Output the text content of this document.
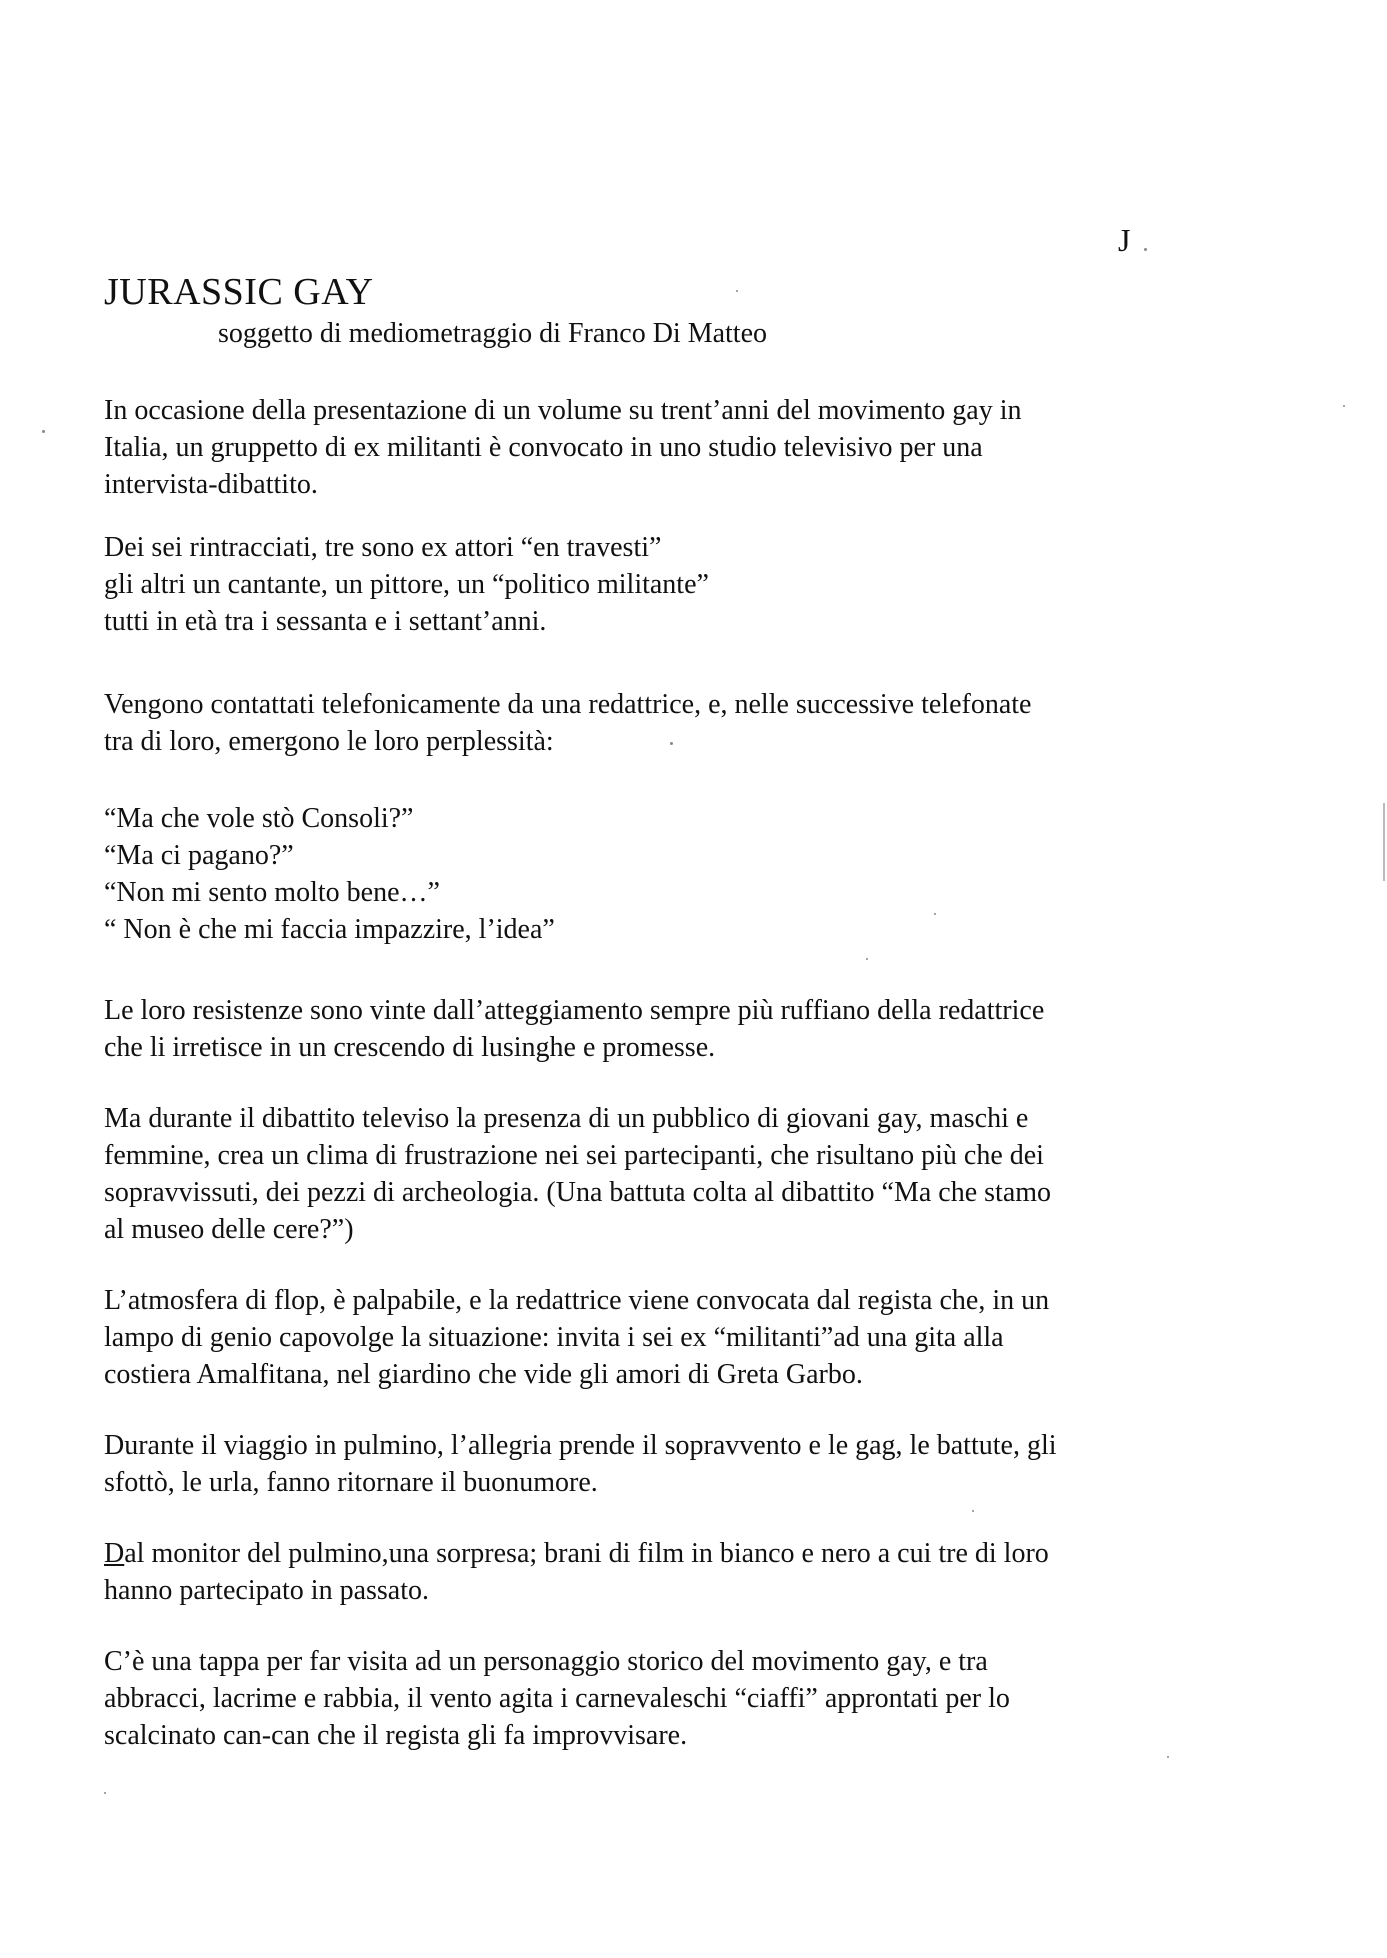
J
JURASSIC GAY

soggetto di mediometraggio di Franco Di Matteo

In occasione della presentazione di un volume su trent’anni del movimento gay in
Italia, un gruppetto di ex militanti è convocato in uno studio televisivo per una
intervista-dibattito.

Dei sei rintracciati, tre sono ex attori “en travesti”
gli altri un cantante, un pittore, un “politico militante”
tutti in età tra i sessanta e i settant’anni.

Vengono contattati telefonicamente da una redattrice, e, nelle successive telefonate
tra di loro, emergono le loro perplessità:

“Ma che vole stò Consoli?”
“Ma ci pagano?”
“Non mi sento molto bene…”
“ Non è che mi faccia impazzire, l’idea”

Le loro resistenze sono vinte dall’atteggiamento sempre più ruffiano della redattrice
che li irretisce in un crescendo di lusinghe e promesse.

Ma durante il dibattito televiso la presenza di un pubblico di giovani gay, maschi e
femmine, crea un clima di frustrazione nei sei partecipanti, che risultano più che dei
sopravvissuti, dei pezzi di archeologia. (Una battuta colta al dibattito “Ma che stamo
al museo delle cere?”)

L’atmosfera di flop, è palpabile, e la redattrice viene convocata dal regista che, in un
lampo di genio capovolge la situazione: invita i sei ex “militanti”ad una gita alla
costiera Amalfitana, nel giardino che vide gli amori di Greta Garbo.

Durante il viaggio in pulmino, l’allegria prende il sopravvento e le gag, le battute, gli
sfottò, le urla, fanno ritornare il buonumore.

Dal monitor del pulmino,una sorpresa; brani di film in bianco e nero a cui tre di loro
hanno partecipato in passato.

C’è una tappa per far visita ad un personaggio storico del movimento gay, e tra
abbracci, lacrime e rabbia, il vento agita i carnevaleschi “ciaffi” approntati per lo
scalcinato can-can che il regista gli fa improvvisare.
